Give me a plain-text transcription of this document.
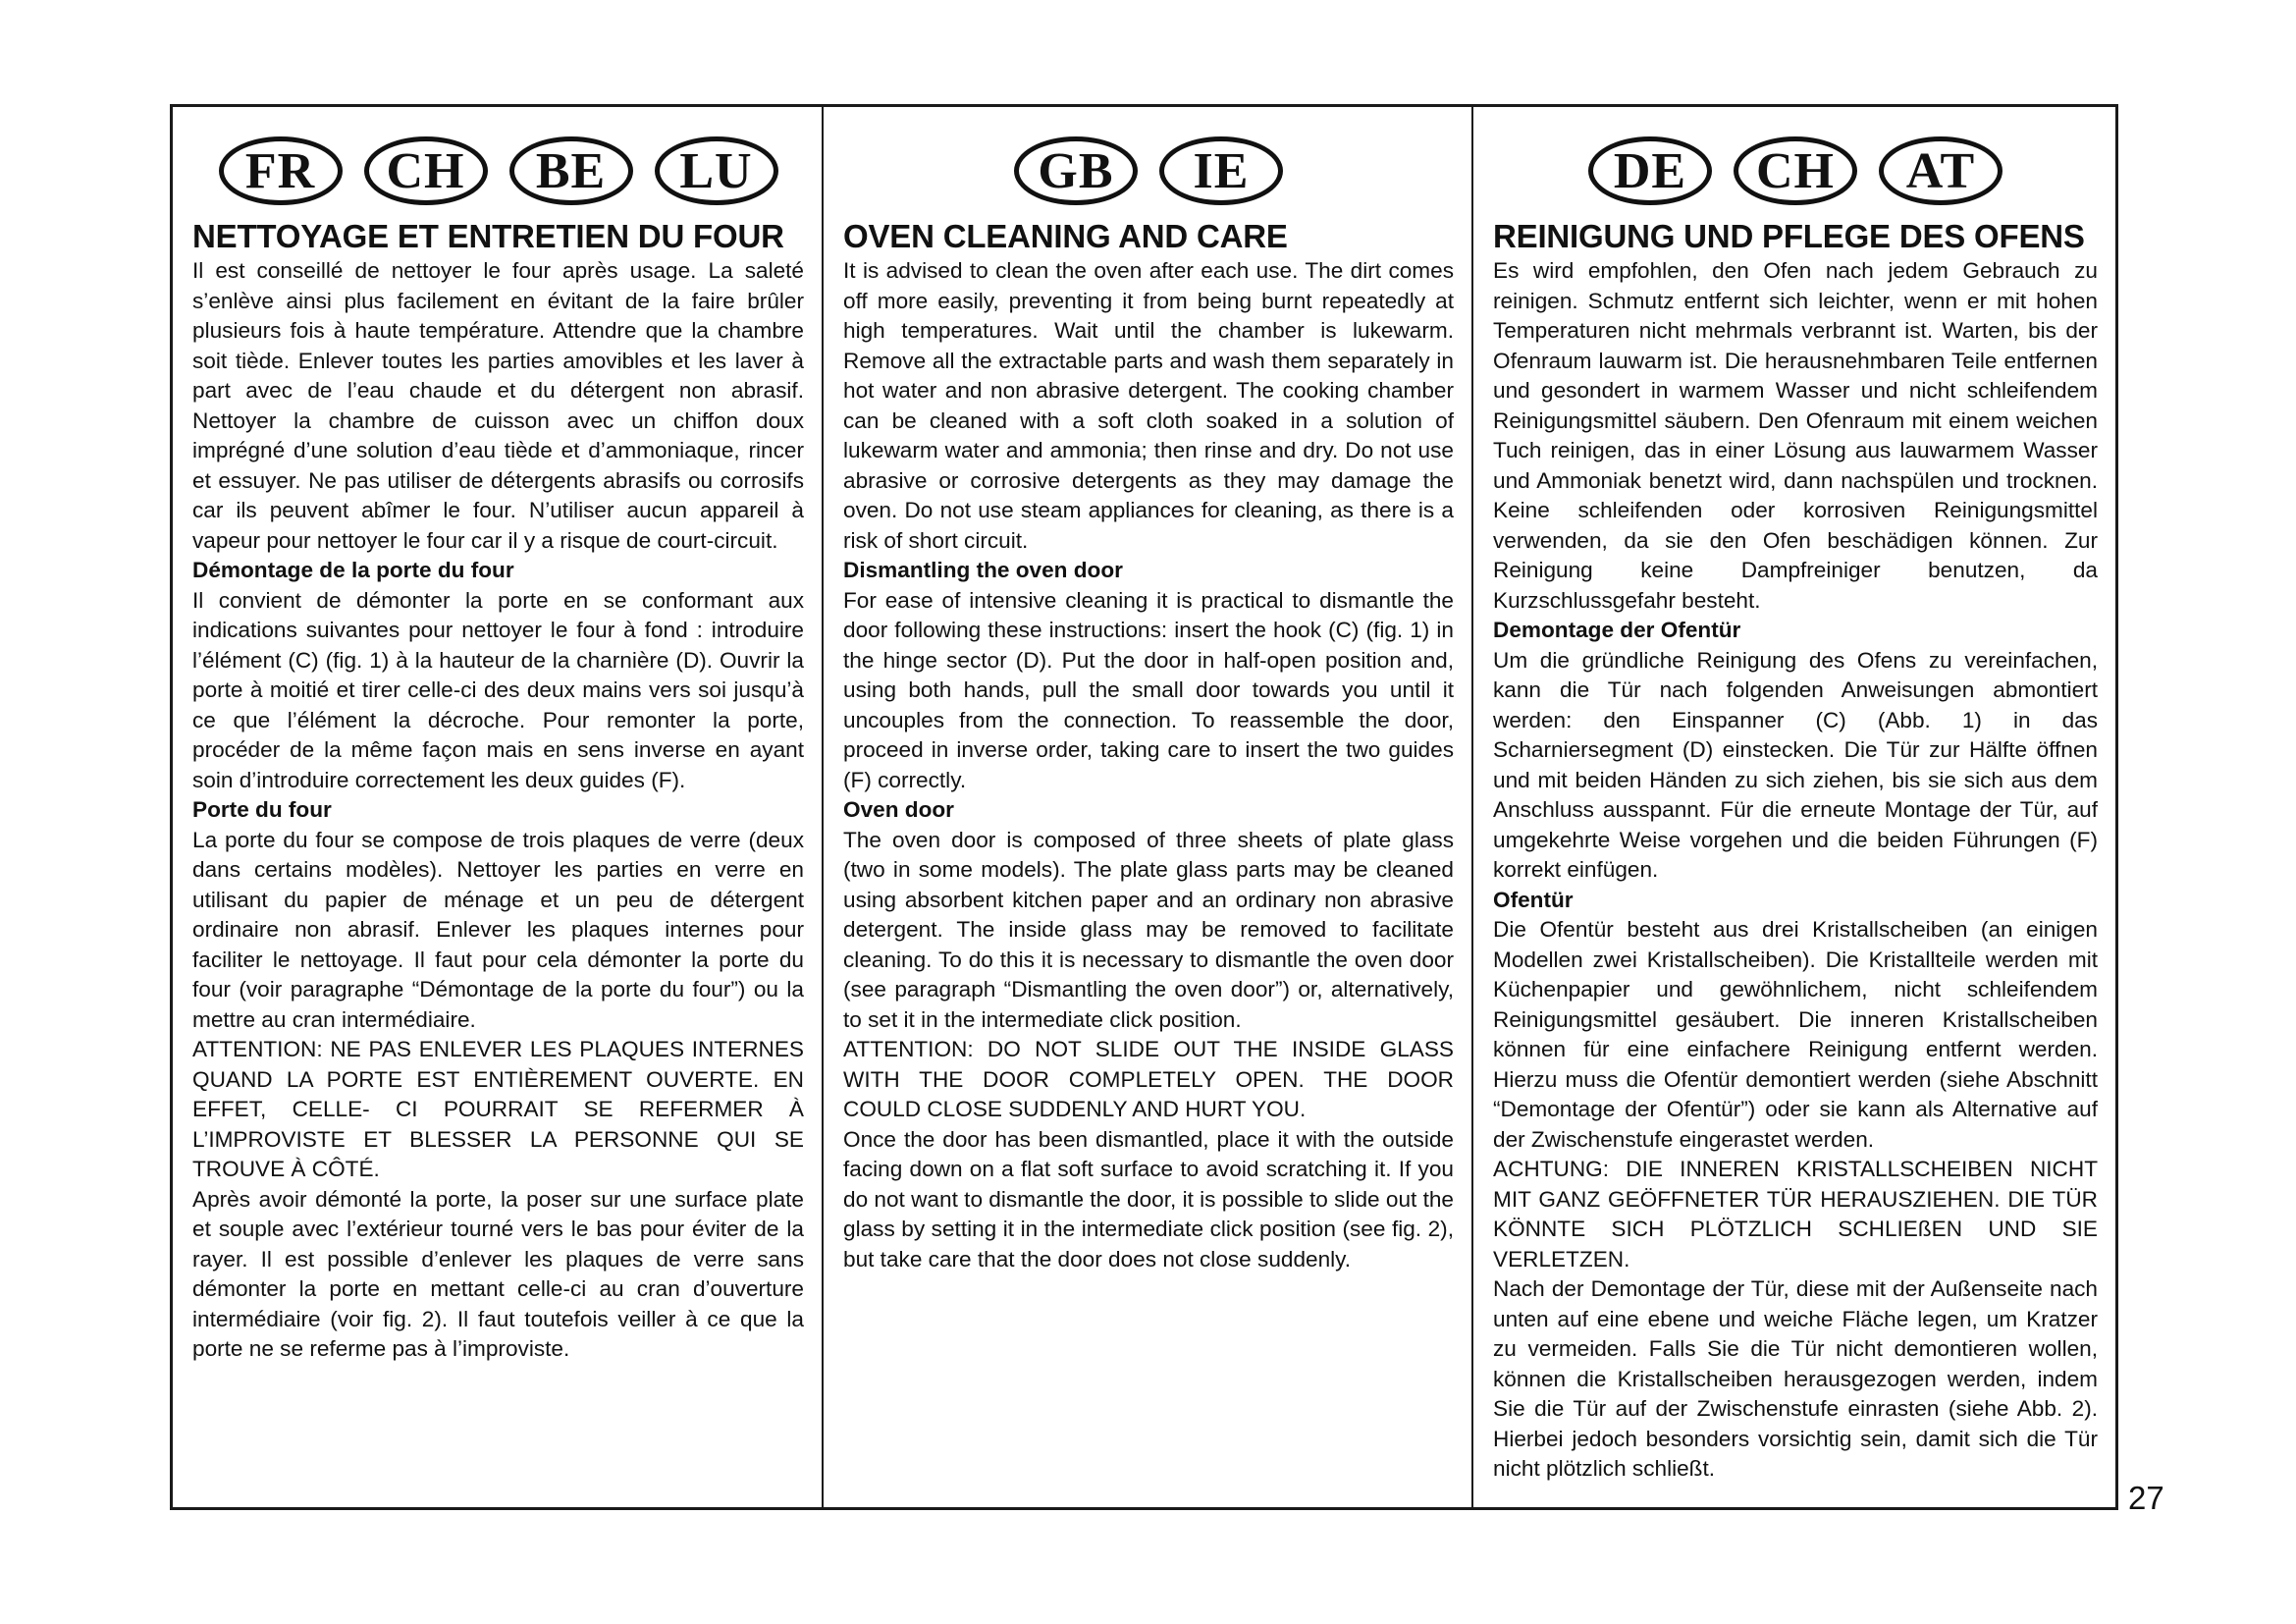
FR	CH	BE	LU
NETTOYAGE ET ENTRETIEN DU FOUR

Il est conseillé de nettoyer le four après usage. La saleté s’enlève ainsi plus facilement en évitant de la faire brûler plusieurs fois à haute température. Attendre que la chambre soit tiède. Enlever toutes les parties amovibles et les laver à part avec de l’eau chaude et du détergent non abrasif. Nettoyer la chambre de cuisson avec un chiffon doux imprégné d’une solution d’eau tiède et d’ammoniaque, rincer et essuyer. Ne pas utiliser de détergents abrasifs ou corrosifs car ils peuvent abîmer le four. N’utiliser aucun appareil à vapeur pour nettoyer le four car il y a risque de court-circuit.

Démontage de la porte du four

Il convient de démonter la porte en se conformant aux indications suivantes pour nettoyer le four à fond : introduire l’élément (C) (fig. 1) à la hauteur de la charnière (D). Ouvrir la porte à moitié et tirer celle-ci des deux mains vers soi jusqu’à ce que l’élément la décroche. Pour remonter la porte, procéder de la même façon mais en sens inverse en ayant soin d’introduire correctement les deux guides (F).

Porte du four

La porte du four se compose de trois plaques de verre (deux dans certains modèles). Nettoyer les parties en verre en utilisant du papier de ménage et un peu de détergent ordinaire non abrasif. Enlever les plaques internes pour faciliter le nettoyage. Il faut pour cela démonter la porte du four (voir paragraphe “Démontage de la porte du four”) ou la mettre au cran intermédiaire.

ATTENTION: NE PAS ENLEVER LES PLAQUES INTERNES QUAND LA PORTE EST ENTIÈREMENT OUVERTE. EN EFFET, CELLE- CI POURRAIT SE REFERMER À L’IMPROVISTE ET BLESSER LA PERSONNE QUI SE TROUVE À CÔTÉ.

Après avoir démonté la porte, la poser sur une surface plate et souple avec l’extérieur tourné vers le bas pour éviter de la rayer. Il est possible d’enlever les plaques de verre sans démonter la porte en mettant celle-ci au cran d’ouverture intermédiaire (voir fig. 2). Il faut toutefois veiller à ce que la porte ne se referme pas à l’improviste.

GB	IE
OVEN CLEANING AND CARE

It is advised to clean the oven after each use. The dirt comes off more easily, preventing it from being burnt repeatedly at high temperatures. Wait until the chamber is lukewarm. Remove all the extractable parts and wash them separately in hot water and non abrasive detergent. The cooking chamber can be cleaned with a soft cloth soaked in a solution of lukewarm water and ammonia; then rinse and dry. Do not use abrasive or corrosive detergents as they may damage the oven. Do not use steam appliances for cleaning, as there is a risk of short circuit.

Dismantling the oven door

For ease of intensive cleaning it is practical to dismantle the door following these instructions: insert the hook (C) (fig. 1) in the hinge sector (D). Put the door in half-open position and, using both hands, pull the small door towards you until it uncouples from the connection. To reassemble the door, proceed in inverse order, taking care to insert the two guides (F) correctly.

Oven door

The oven door is composed of three sheets of plate glass (two in some models). The plate glass parts may be cleaned using absorbent kitchen paper and an ordinary non abrasive detergent. The inside glass may be removed to facilitate cleaning. To do this it is necessary to dismantle the oven door (see paragraph “Dismantling the oven door”) or, alternatively, to set it in the intermediate click position.

ATTENTION: DO NOT SLIDE OUT THE INSIDE GLASS WITH THE DOOR COMPLETELY OPEN. THE DOOR COULD CLOSE SUDDENLY AND HURT YOU.

Once the door has been dismantled, place it with the outside facing down on a flat soft surface to avoid scratching it. If you do not want to dismantle the door, it is possible to slide out the glass by setting it in the intermediate click position (see fig. 2), but take care that the door does not close suddenly.

DE	CH	AT
REINIGUNG UND PFLEGE DES OFENS

Es wird empfohlen, den Ofen nach jedem Gebrauch zu reinigen. Schmutz entfernt sich leichter, wenn er mit hohen Temperaturen nicht mehrmals verbrannt ist. Warten, bis der Ofenraum lauwarm ist. Die herausnehmbaren Teile entfernen und gesondert in warmem Wasser und nicht schleifendem Reinigungsmittel säubern. Den Ofenraum mit einem weichen Tuch reinigen, das in einer Lösung aus lauwarmem Wasser und Ammoniak benetzt wird, dann nachspülen und trocknen. Keine schleifenden oder korrosiven Reinigungsmittel verwenden, da sie den Ofen beschädigen können. Zur Reinigung keine Dampfreiniger benutzen, da Kurzschlussgefahr besteht.

Demontage der Ofentür

Um die gründliche Reinigung des Ofens zu vereinfachen, kann die Tür nach folgenden Anweisungen abmontiert werden: den Einspanner (C) (Abb. 1) in das Scharniersegment (D) einstecken. Die Tür zur Hälfte öffnen und mit beiden Händen zu sich ziehen, bis sie sich aus dem Anschluss ausspannt. Für die erneute Montage der Tür, auf umgekehrte Weise vorgehen und die beiden Führungen (F) korrekt einfügen.

Ofentür

Die Ofentür besteht aus drei Kristallscheiben (an einigen Modellen zwei Kristallscheiben). Die Kristallteile werden mit Küchenpapier und gewöhnlichem, nicht schleifendem Reinigungsmittel gesäubert. Die inneren Kristallscheiben können für eine einfachere Reinigung entfernt werden. Hierzu muss die Ofentür demontiert werden (siehe Abschnitt “Demontage der Ofentür”) oder sie kann als Alternative auf der Zwischenstufe eingerastet werden.

ACHTUNG: DIE INNEREN KRISTALLSCHEIBEN NICHT MIT GANZ GEÖFFNETER TÜR HERAUSZIEHEN. DIE TÜR KÖNNTE SICH PLÖTZLICH SCHLIEßEN UND SIE VERLETZEN.

Nach der Demontage der Tür, diese mit der Außenseite nach unten auf eine ebene und weiche Fläche legen, um Kratzer zu vermeiden. Falls Sie die Tür nicht demontieren wollen, können die Kristallscheiben herausgezogen werden, indem Sie die Tür auf der Zwischenstufe einrasten (siehe Abb. 2). Hierbei jedoch besonders vorsichtig sein, damit sich die Tür nicht plötzlich schließt.

27
